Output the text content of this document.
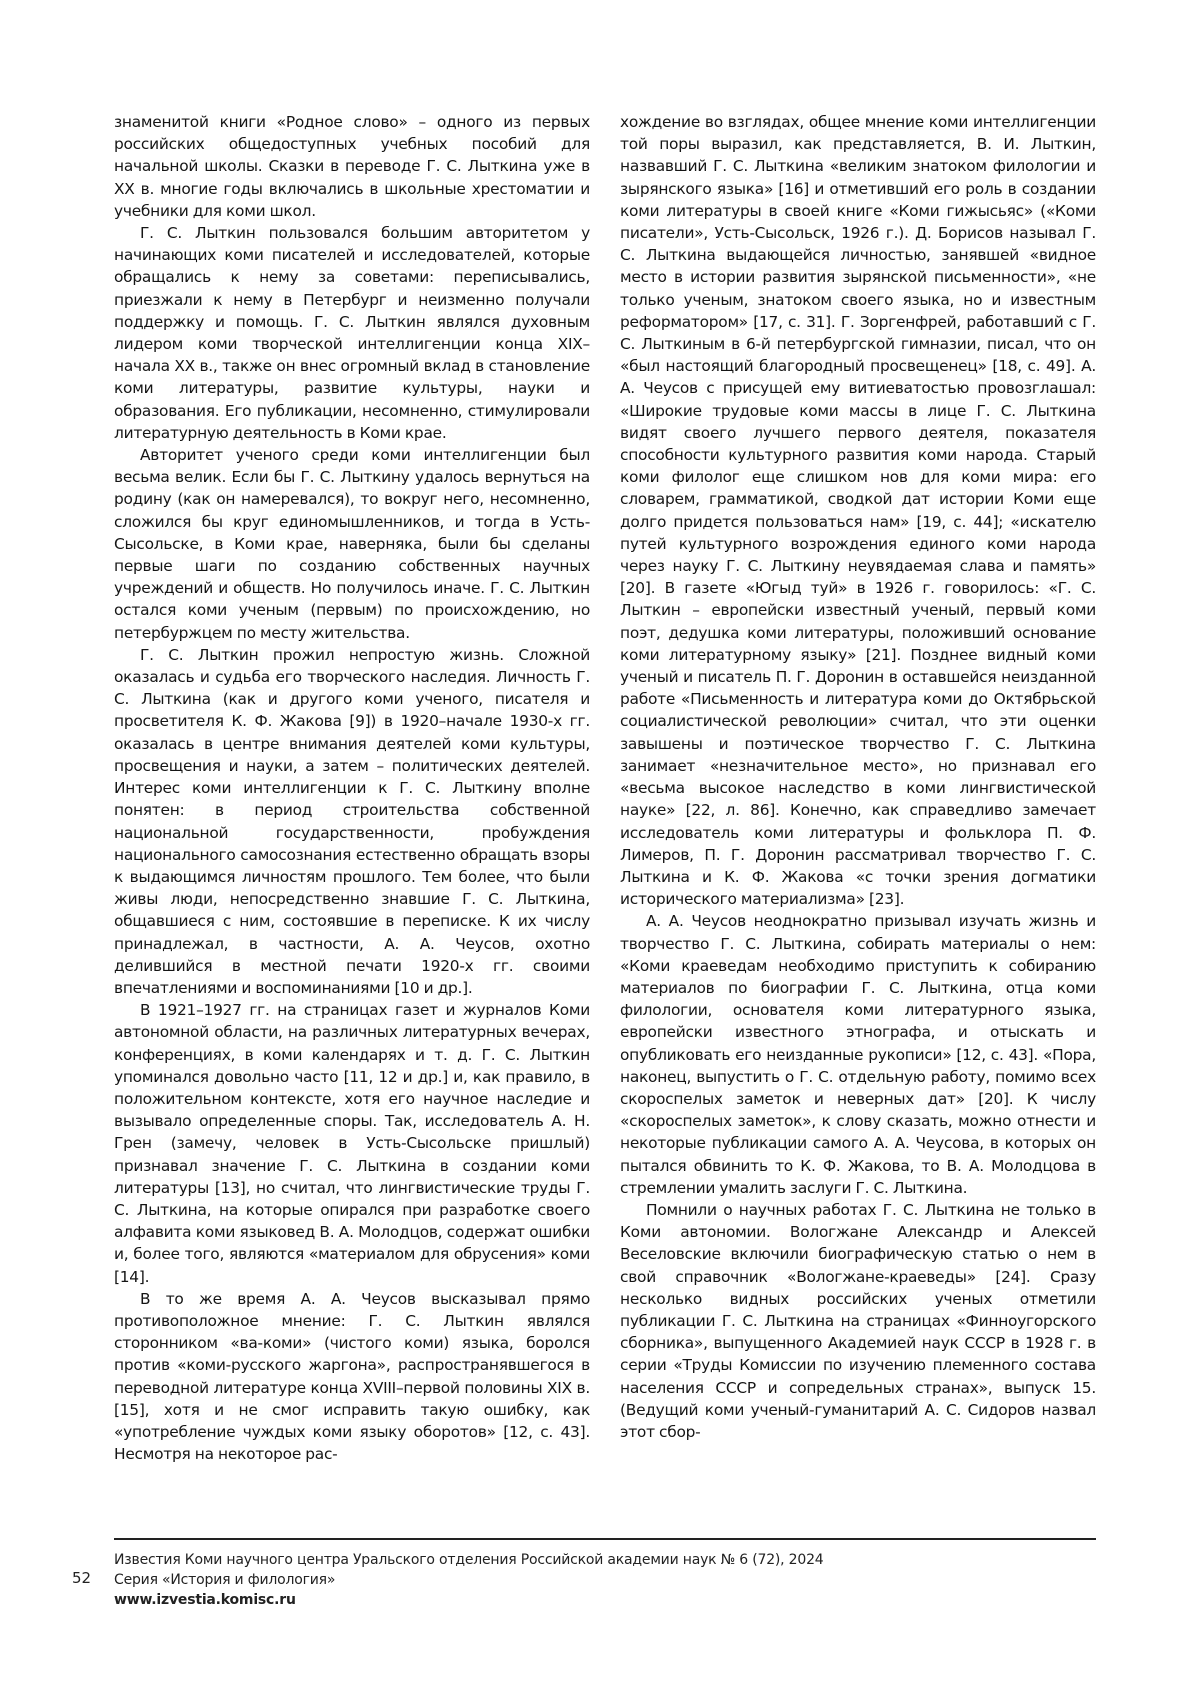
знаменитой книги «Родное слово» – одного из первых российских общедоступных учебных пособий для начальной школы. Сказки в переводе Г. С. Лыткина уже в XX в. многие годы включались в школьные хрестоматии и учебники для коми школ.

Г. С. Лыткин пользовался большим авторитетом у начинающих коми писателей и исследователей, которые обращались к нему за советами: переписывались, приезжали к нему в Петербург и неизменно получали поддержку и помощь. Г. С. Лыткин являлся духовным лидером коми творческой интеллигенции конца XIX–начала XX в., также он внес огромный вклад в становление коми литературы, развитие культуры, науки и образования. Его публикации, несомненно, стимулировали литературную деятельность в Коми крае.

Авторитет ученого среди коми интеллигенции был весьма велик. Если бы Г. С. Лыткину удалось вернуться на родину (как он намеревался), то вокруг него, несомненно, сложился бы круг единомышленников, и тогда в Усть-Сысольске, в Коми крае, наверняка, были бы сделаны первые шаги по созданию собственных научных учреждений и обществ. Но получилось иначе. Г. С. Лыткин остался коми ученым (первым) по происхождению, но петербуржцем по месту жительства.

Г. С. Лыткин прожил непростую жизнь. Сложной оказалась и судьба его творческого наследия. Личность Г. С. Лыткина (как и другого коми ученого, писателя и просветителя К. Ф. Жакова [9]) в 1920–начале 1930-х гг. оказалась в центре внимания деятелей коми культуры, просвещения и науки, а затем – политических деятелей. Интерес коми интеллигенции к Г. С. Лыткину вполне понятен: в период строительства собственной национальной государственности, пробуждения национального самосознания естественно обращать взоры к выдающимся личностям прошлого. Тем более, что были живы люди, непосредственно знавшие Г. С. Лыткина, общавшиеся с ним, состоявшие в переписке. К их числу принадлежал, в частности, А. А. Чеусов, охотно делившийся в местной печати 1920-х гг. своими впечатлениями и воспоминаниями [10 и др.].

В 1921–1927 гг. на страницах газет и журналов Коми автономной области, на различных литературных вечерах, конференциях, в коми календарях и т. д. Г. С. Лыткин упоминался довольно часто [11, 12 и др.] и, как правило, в положительном контексте, хотя его научное наследие и вызывало определенные споры. Так, исследователь А. Н. Грен (замечу, человек в Усть-Сысольске пришлый) признавал значение Г. С. Лыткина в создании коми литературы [13], но считал, что лингвистические труды Г. С. Лыткина, на которые опирался при разработке своего алфавита коми языковед В. А. Молодцов, содержат ошибки и, более того, являются «материалом для обрусения» коми [14].

В то же время А. А. Чеусов высказывал прямо противоположное мнение: Г. С. Лыткин являлся сторонником «ва-коми» (чистого коми) языка, боролся против «коми-русского жаргона», распространявшегося в переводной литературе конца XVIII–первой половины XIX в. [15], хотя и не смог исправить такую ошибку, как «употребление чуждых коми языку оборотов» [12, с. 43]. Несмотря на некоторое рас-

хождение во взглядах, общее мнение коми интеллигенции той поры выразил, как представляется, В. И. Лыткин, назвавший Г. С. Лыткина «великим знатоком филологии и зырянского языка» [16] и отметивший его роль в создании коми литературы в своей книге «Коми гижысьяс» («Коми писатели», Усть-Сысольск, 1926 г.). Д. Борисов называл Г. С. Лыткина выдающейся личностью, занявшей «видное место в истории развития зырянской письменности», «не только ученым, знатоком своего языка, но и известным реформатором» [17, с. 31]. Г. Зоргенфрей, работавший с Г. С. Лыткиным в 6-й петербургской гимназии, писал, что он «был настоящий благородный просвещенец» [18, с. 49]. А. А. Чеусов с присущей ему витиеватостью провозглашал: «Широкие трудовые коми массы в лице Г. С. Лыткина видят своего лучшего первого деятеля, показателя способности культурного развития коми народа. Старый коми филолог еще слишком нов для коми мира: его словарем, грамматикой, сводкой дат истории Коми еще долго придется пользоваться нам» [19, с. 44]; «искателю путей культурного возрождения единого коми народа через науку Г. С. Лыткину неувядаемая слава и память» [20]. В газете «Югыд туй» в 1926 г. говорилось: «Г. С. Лыткин – европейски известный ученый, первый коми поэт, дедушка коми литературы, положивший основание коми литературному языку» [21]. Позднее видный коми ученый и писатель П. Г. Доронин в оставшейся неизданной работе «Письменность и литература коми до Октябрьской социалистической революции» считал, что эти оценки завышены и поэтическое творчество Г. С. Лыткина занимает «незначительное место», но признавал его «весьма высокое наследство в коми лингвистической науке» [22, л. 86]. Конечно, как справедливо замечает исследователь коми литературы и фольклора П. Ф. Лимеров, П. Г. Доронин рассматривал творчество Г. С. Лыткина и К. Ф. Жакова «с точки зрения догматики исторического материализма» [23].

А. А. Чеусов неоднократно призывал изучать жизнь и творчество Г. С. Лыткина, собирать материалы о нем: «Коми краеведам необходимо приступить к собиранию материалов по биографии Г. С. Лыткина, отца коми филологии, основателя коми литературного языка, европейски известного этнографа, и отыскать и опубликовать его неизданные рукописи» [12, с. 43]. «Пора, наконец, выпустить о Г. С. отдельную работу, помимо всех скороспелых заметок и неверных дат» [20]. К числу «скороспелых заметок», к слову сказать, можно отнести и некоторые публикации самого А. А. Чеусова, в которых он пытался обвинить то К. Ф. Жакова, то В. А. Молодцова в стремлении умалить заслуги Г. С. Лыткина.

Помнили о научных работах Г. С. Лыткина не только в Коми автономии. Вологжане Александр и Алексей Веселовские включили биографическую статью о нем в свой справочник «Вологжане-краеведы» [24]. Сразу несколько видных российских ученых отметили публикации Г. С. Лыткина на страницах «Финноугорского сборника», выпущенного Академией наук СССР в 1928 г. в серии «Труды Комиссии по изучению племенного состава населения СССР и сопредельных странах», выпуск 15. (Ведущий коми ученый-гуманитарий А. С. Сидоров назвал этот сбор-

52
Известия Коми научного центра Уральского отделения Российской академии наук № 6 (72), 2024
Серия «История и филология»
www.izvestia.komisc.ru
